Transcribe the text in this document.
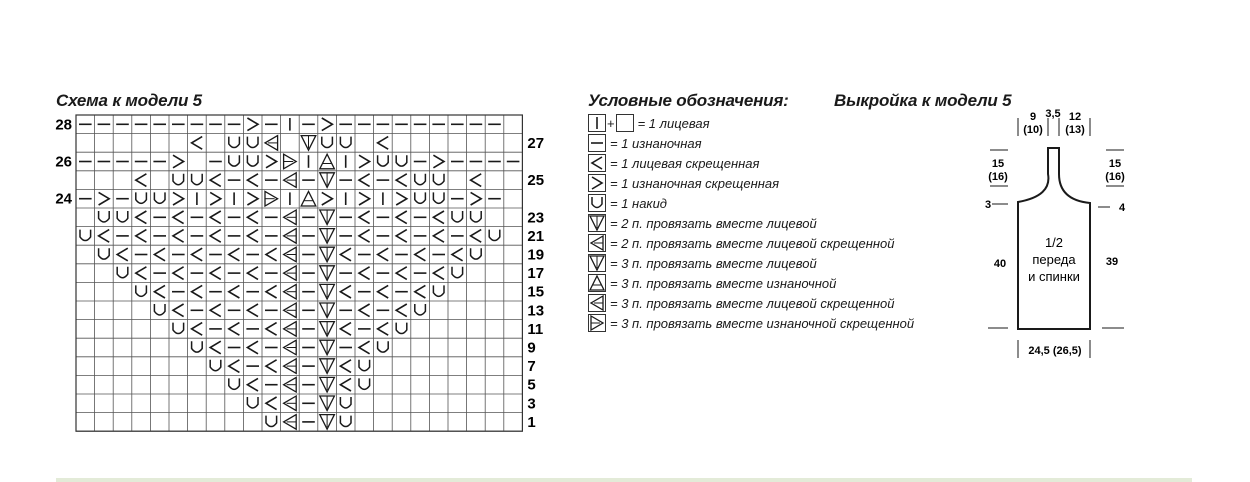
Схема к модели 5	Условные обозначения:	Выкройка к модели 5
28
27
26
25
24
23
21
19
17
15
13
11
9
7
5
3
1
+ = 1 лицевая
= 1 изнаночная
= 1 лицевая скрещенная
= 1 изнаночная скрещенная
= 1 накид
= 2 п. провязать вместе лицевой
= 2 п. провязать вместе лицевой скрещенной
= 3 п. провязать вместе лицевой
= 3 п. провязать вместе изнаночной
= 3 п. провязать вместе лицевой скрещенной
= 3 п. провязать вместе изнаночной скрещенной
9
(10)
3,5 12
(13)
15
(16)
3
40
15
(16)
4
39
1/2
переда
и спинки
24,5 (26,5)
